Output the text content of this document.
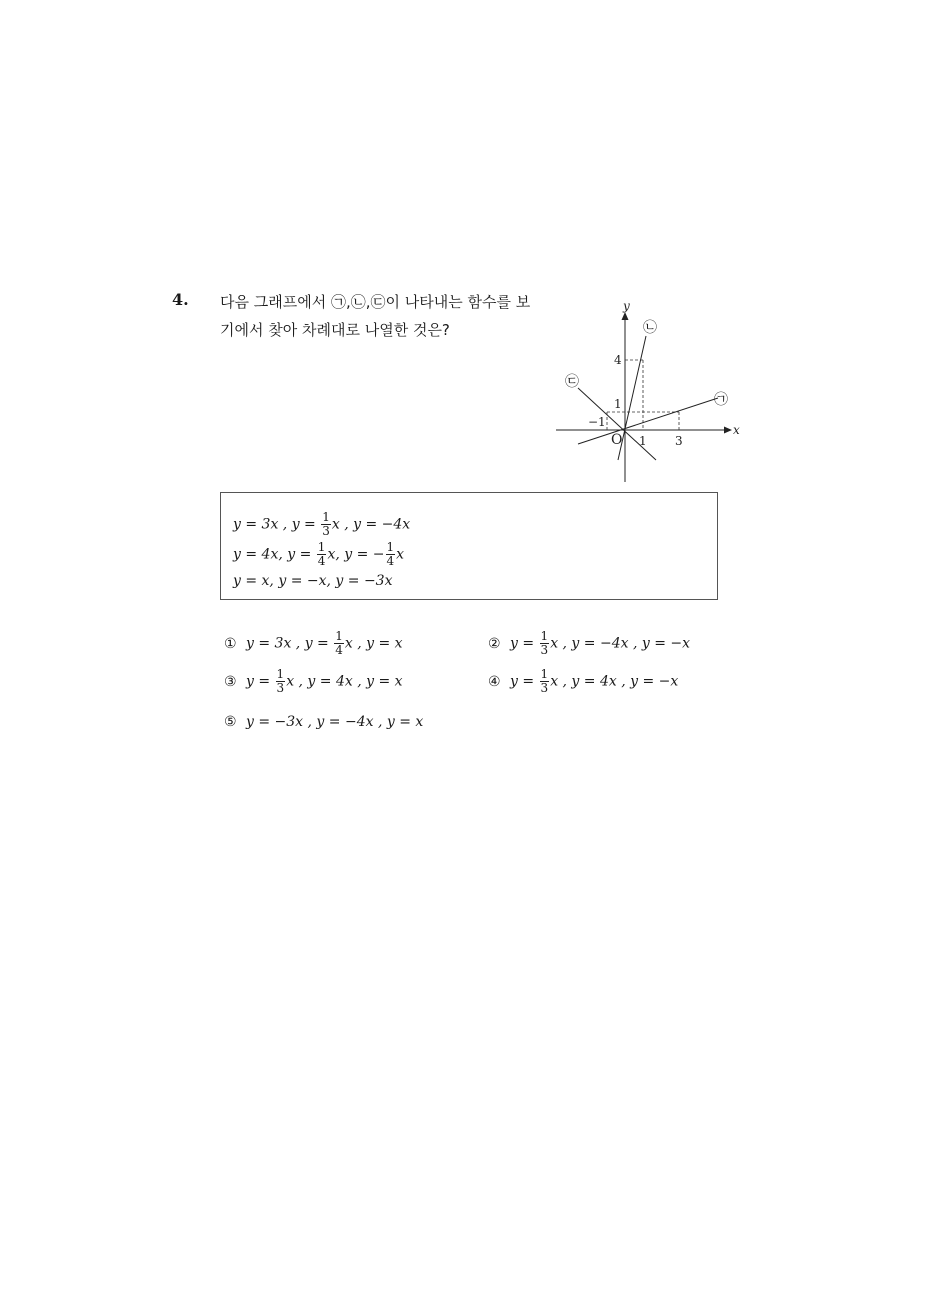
4. 다음 그래프에서 ㉠,㉡,㉢이 나타내는 함수를 보
기에서 찾아 차례대로 나열한 것은?
x
y
O 1 3
−1
1
4
㉠
㉡
㉢
y = 3x , $y = \frac{1}{3}$ x , y = −4x
y = 4x, $y = \frac{1}{4} x$, y = − $\frac{1}{4}$ x
y = x, y = −x, y = −3x
① y = 3x , $y = \frac{1}{4}$ x , y = x	② $y = \frac{1}{3}$ x , y = −4x , y = −x
③ $y = \frac{1}{3}$ x , y = 4x , y = x	④ $y = \frac{1}{3}$ x , y = 4x , y = −x
⑤ y = −3x , y = −4x , y = x
